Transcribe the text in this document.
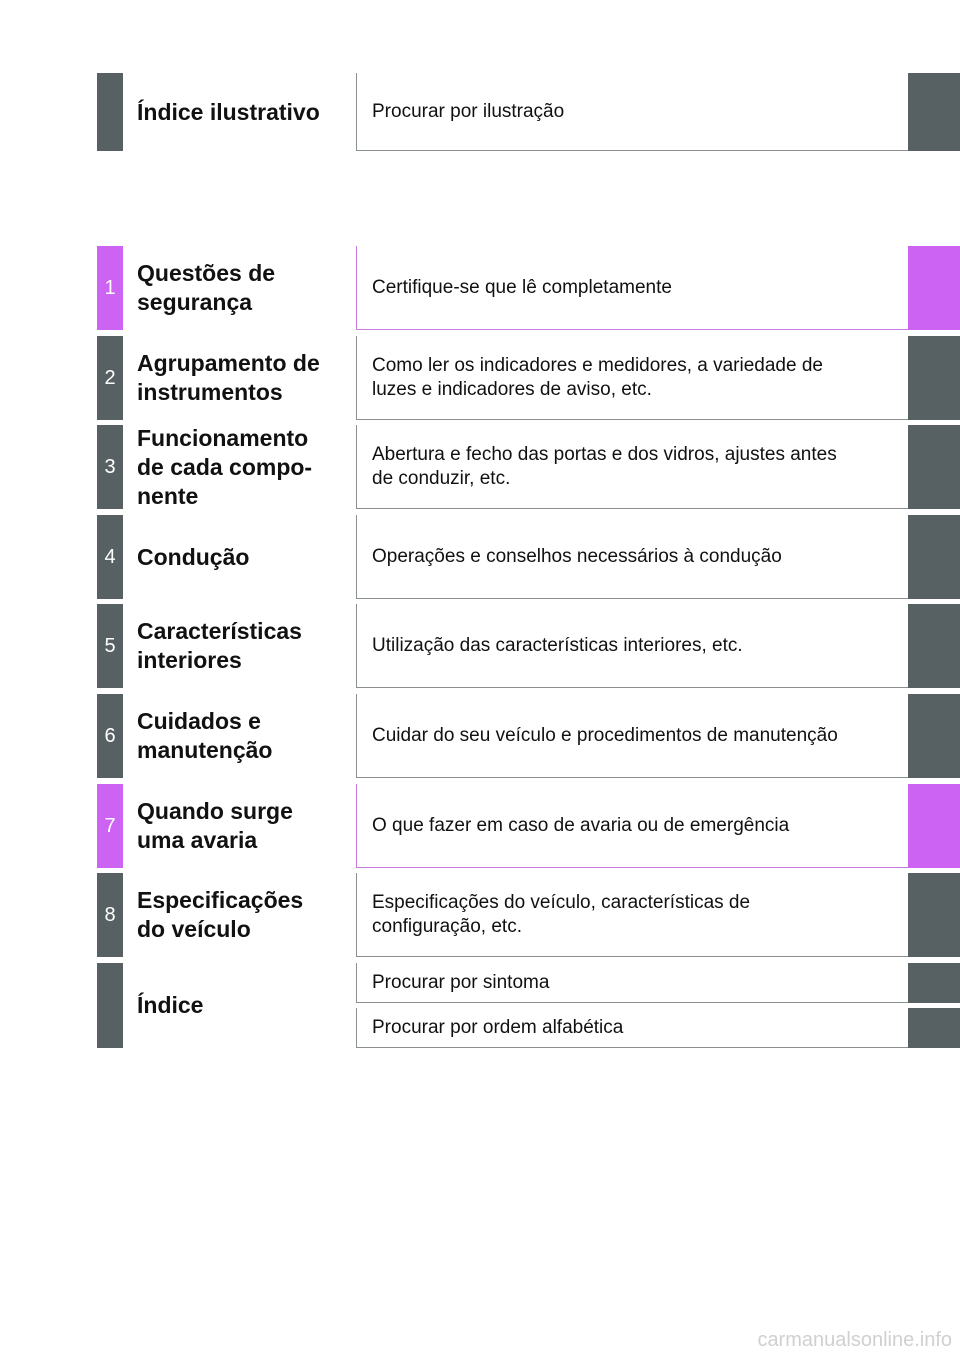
Índice ilustrativo	Procurar por ilustração
1
Questões de
segurança
Certifique-se que lê completamente
2
Agrupamento de
instrumentos
Como ler os indicadores e medidores, a variedade de
luzes e indicadores de aviso, etc.
3
Funcionamento
de cada compo-
nente
Abertura e fecho das portas e dos vidros, ajustes antes
de conduzir, etc.
4 Condução	Operações e conselhos necessários à condução
5
Características
interiores
Utilização das características interiores, etc.
6
Cuidados e
manutenção
Cuidar do seu veículo e procedimentos de manutenção
7
Quando surge
uma avaria
O que fazer em caso de avaria ou de emergência
8
Especificações
do veículo
Especificações do veículo, características de
configuração, etc.
Índice
Procurar por sintoma
Procurar por ordem alfabética
carmanualsonline.info
